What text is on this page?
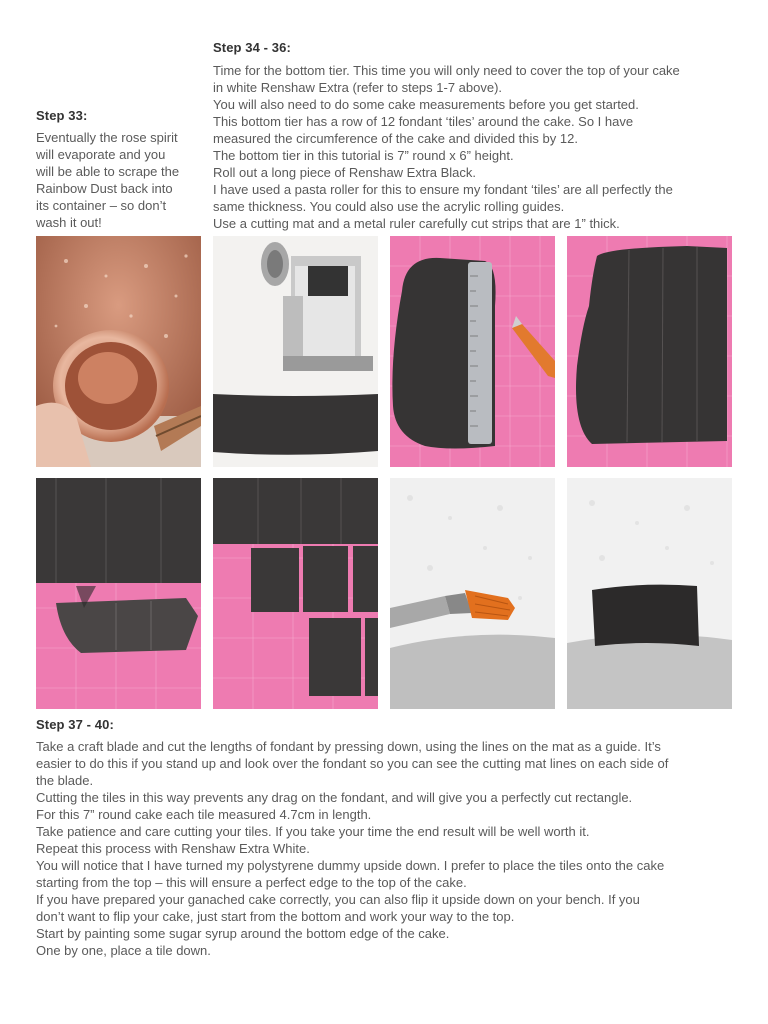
Step 34 - 36:
Time for the bottom tier. This time you will only need to cover the top of your cake
in white Renshaw Extra (refer to steps 1-7 above).
You will also need to do some cake measurements before you get started.
This bottom tier has a row of 12 fondant ‘tiles’ around the cake. So I have
measured the circumference of the cake and divided this by 12.
The bottom tier in this tutorial is 7” round x 6” height.
Roll out a long piece of Renshaw Extra Black.
I have used a pasta roller for this to ensure my fondant ‘tiles’ are all perfectly the
same thickness. You could also use the acrylic rolling guides.
Use a cutting mat and a metal ruler carefully cut strips that are 1” thick.
Step 33:
Eventually the rose spirit
will evaporate and you
will be able to scrape the
Rainbow Dust back into
its container – so don’t
wash it out!
Step 37 - 40:
Take a craft blade and cut the lengths of fondant by pressing down, using the lines on the mat as a guide. It’s
easier to do this if you stand up and look over the fondant so you can see the cutting mat lines on each side of
the blade.
Cutting the tiles in this way prevents any drag on the fondant, and will give you a perfectly cut rectangle.
For this 7” round cake each tile measured 4.7cm in length.
Take patience and care cutting your tiles. If you take your time the end result will be well worth it.
Repeat this process with Renshaw Extra White.
You will notice that I have turned my polystyrene dummy upside down. I prefer to place the tiles onto the cake
starting from the top – this will ensure a perfect edge to the top of the cake.
If you have prepared your ganached cake correctly, you can also flip it upside down on your bench. If you
don’t want to flip your cake, just start from the bottom and work your way to the top.
Start by painting some sugar syrup around the bottom edge of the cake.
One by one, place a tile down.
